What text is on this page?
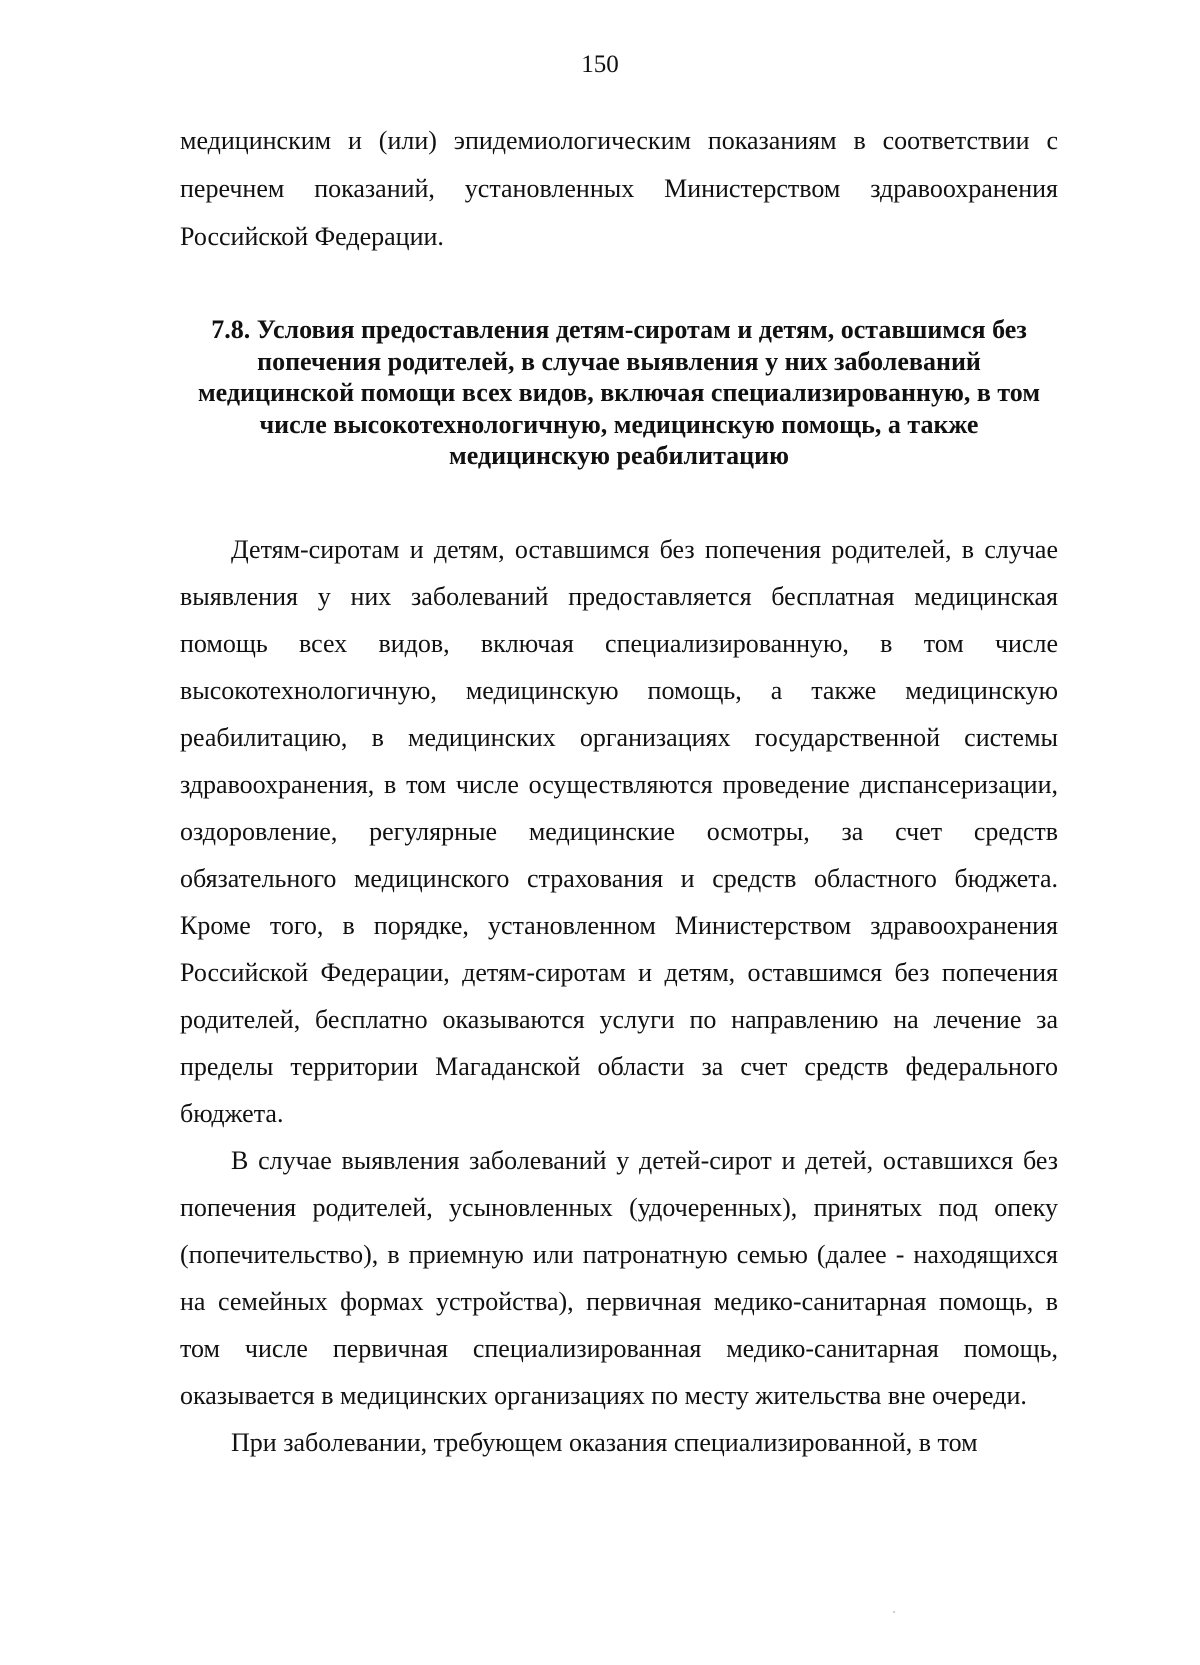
150
медицинским и (или) эпидемиологическим показаниям в соответствии с перечнем показаний, установленных Министерством здравоохранения Российской Федерации.
7.8. Условия предоставления детям-сиротам и детям, оставшимся без попечения родителей, в случае выявления у них заболеваний медицинской помощи всех видов, включая специализированную, в том числе высокотехнологичную, медицинскую помощь, а также медицинскую реабилитацию

Детям-сиротам и детям, оставшимся без попечения родителей, в случае выявления у них заболеваний предоставляется бесплатная медицинская помощь всех видов, включая специализированную, в том числе высокотехнологичную, медицинскую помощь, а также медицинскую реабилитацию, в медицинских организациях государственной системы здравоохранения, в том числе осуществляются проведение диспансеризации, оздоровление, регулярные медицинские осмотры, за счет средств обязательного медицинского страхования и средств областного бюджета. Кроме того, в порядке, установленном Министерством здравоохранения Российской Федерации, детям-сиротам и детям, оставшимся без попечения родителей, бесплатно оказываются услуги по направлению на лечение за пределы территории Магаданской области за счет средств федерального бюджета.

В случае выявления заболеваний у детей-сирот и детей, оставшихся без попечения родителей, усыновленных (удочеренных), принятых под опеку (попечительство), в приемную или патронатную семью (далее - находящихся на семейных формах устройства), первичная медико-санитарная помощь, в том числе первичная специализированная медико-санитарная помощь, оказывается в медицинских организациях по месту жительства вне очереди.

При заболевании, требующем оказания специализированной, в том
